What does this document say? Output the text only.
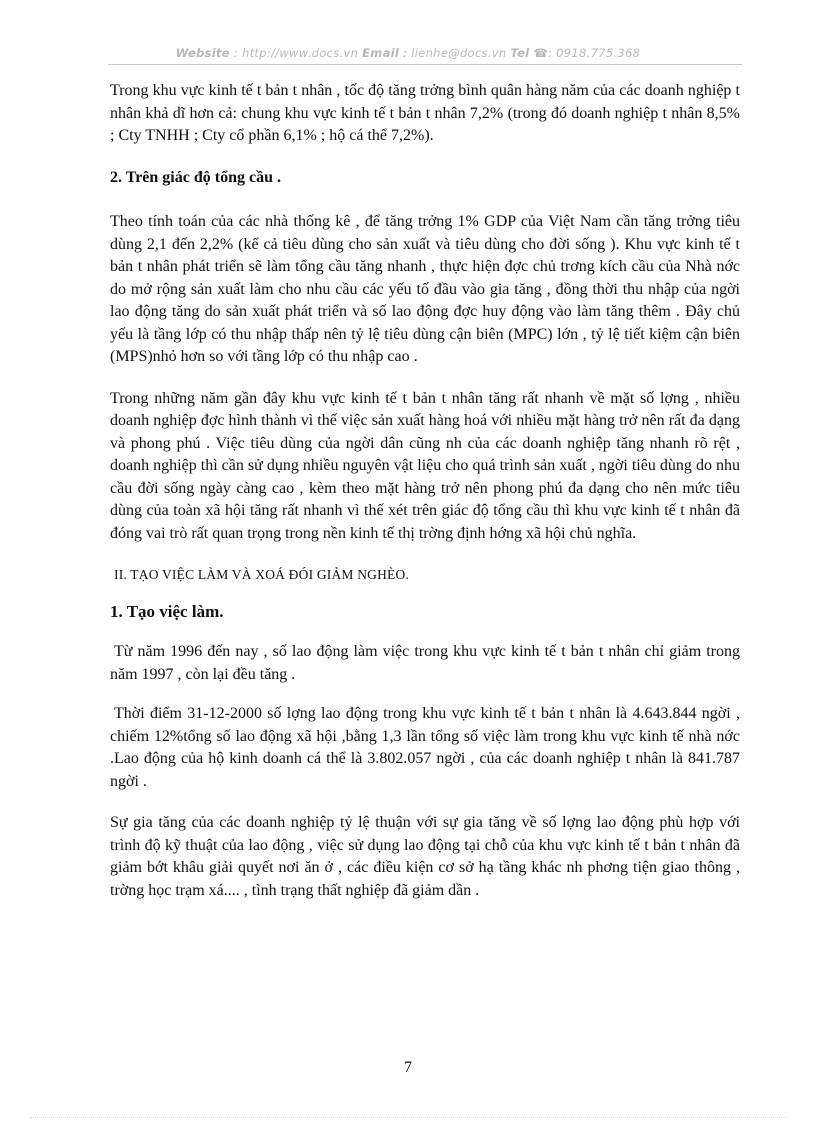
Website : http://www.docs.vn Email : lienhe@docs.vn Tel ☎: 0918.775.368

Trong khu vực kinh tế t bản t nhân , tốc độ tăng trởng bình quân hàng năm của các doanh nghiệp t nhân khả dĩ hơn cả: chung khu vực kinh tế t bản t nhân 7,2% (trong đó doanh nghiệp t nhân 8,5% ; Cty TNHH ; Cty cổ phần 6,1% ; hộ cá thể 7,2%).

2. Trên giác độ tổng cầu .

Theo tính toán của các nhà thống kê , để tăng trởng 1% GDP của Việt Nam cần tăng trởng tiêu dùng 2,1 đến 2,2% (kể cả tiêu dùng cho sản xuất và tiêu dùng cho đời sống ). Khu vực kinh tế t bản t nhân phát triển sẽ làm tổng cầu tăng nhanh , thực hiện đợc chủ trơng kích cầu của Nhà nớc do mở rộng sản xuất làm cho nhu cầu các yếu tố đầu vào gia tăng , đồng thời thu nhập của ngời lao động tăng do sản xuất phát triển và số lao động đợc huy động vào làm tăng thêm . Đây chủ yếu là tầng lớp có thu nhập thấp nên tỷ lệ tiêu dùng cận biên (MPC) lớn , tỷ lệ tiết kiệm cận biên (MPS)nhỏ hơn so với tầng lớp có thu nhập cao .

Trong những năm gần đây khu vực kinh tế t bản t nhân tăng rất nhanh về mặt số lợng , nhiều doanh nghiệp đợc hình thành vì thế việc sản xuất hàng hoá với nhiều mặt hàng trở nên rất đa dạng và phong phú . Việc tiêu dùng của ngời dân cũng nh của các doanh nghiệp tăng nhanh rõ rệt , doanh nghiệp thì cần sử dụng nhiều nguyên vật liệu cho quá trình sản xuất , ngời tiêu dùng do nhu cầu đời sống ngày càng cao , kèm theo mặt hàng trở nên phong phú đa dạng cho nên mức tiêu dùng của toàn xã hội tăng rất nhanh vì thế xét trên giác độ tổng cầu thì khu vực kinh tế t nhân đã đóng vai trò rất quan trọng trong nền kinh tế thị trờng định hớng xã hội chủ nghĩa.

II. TẠO VIỆC LÀM VÀ XOÁ ĐÓI GIẢM NGHÈO.
1. Tạo việc làm.

Từ năm 1996 đến nay , số lao động làm việc trong khu vực kinh tế t bản t nhân chỉ giảm trong năm 1997 , còn lại đều tăng .

Thời điểm 31-12-2000 số lợng lao động trong khu vực kinh tế t bản t nhân là 4.643.844 ngời , chiếm 12%tổng số lao động xã hội ,bằng 1,3 lần tổng số việc làm trong khu vực kinh tế nhà nớc .Lao động của hộ kinh doanh cá thể là 3.802.057 ngời , của các doanh nghiệp t nhân là 841.787 ngời .

Sự gia tăng của các doanh nghiệp tỷ lệ thuận với sự gia tăng về số lợng lao động phù hợp với trình độ kỹ thuật của lao động , việc sử dụng lao động tại chỗ của khu vực kinh tế t bản t nhân đã giảm bớt khâu giải quyết nơi ăn ở , các điều kiện cơ sở hạ tầng khác nh phơng tiện giao thông , trờng học trạm xá.... , tình trạng thất nghiệp đã giảm dần .

7
